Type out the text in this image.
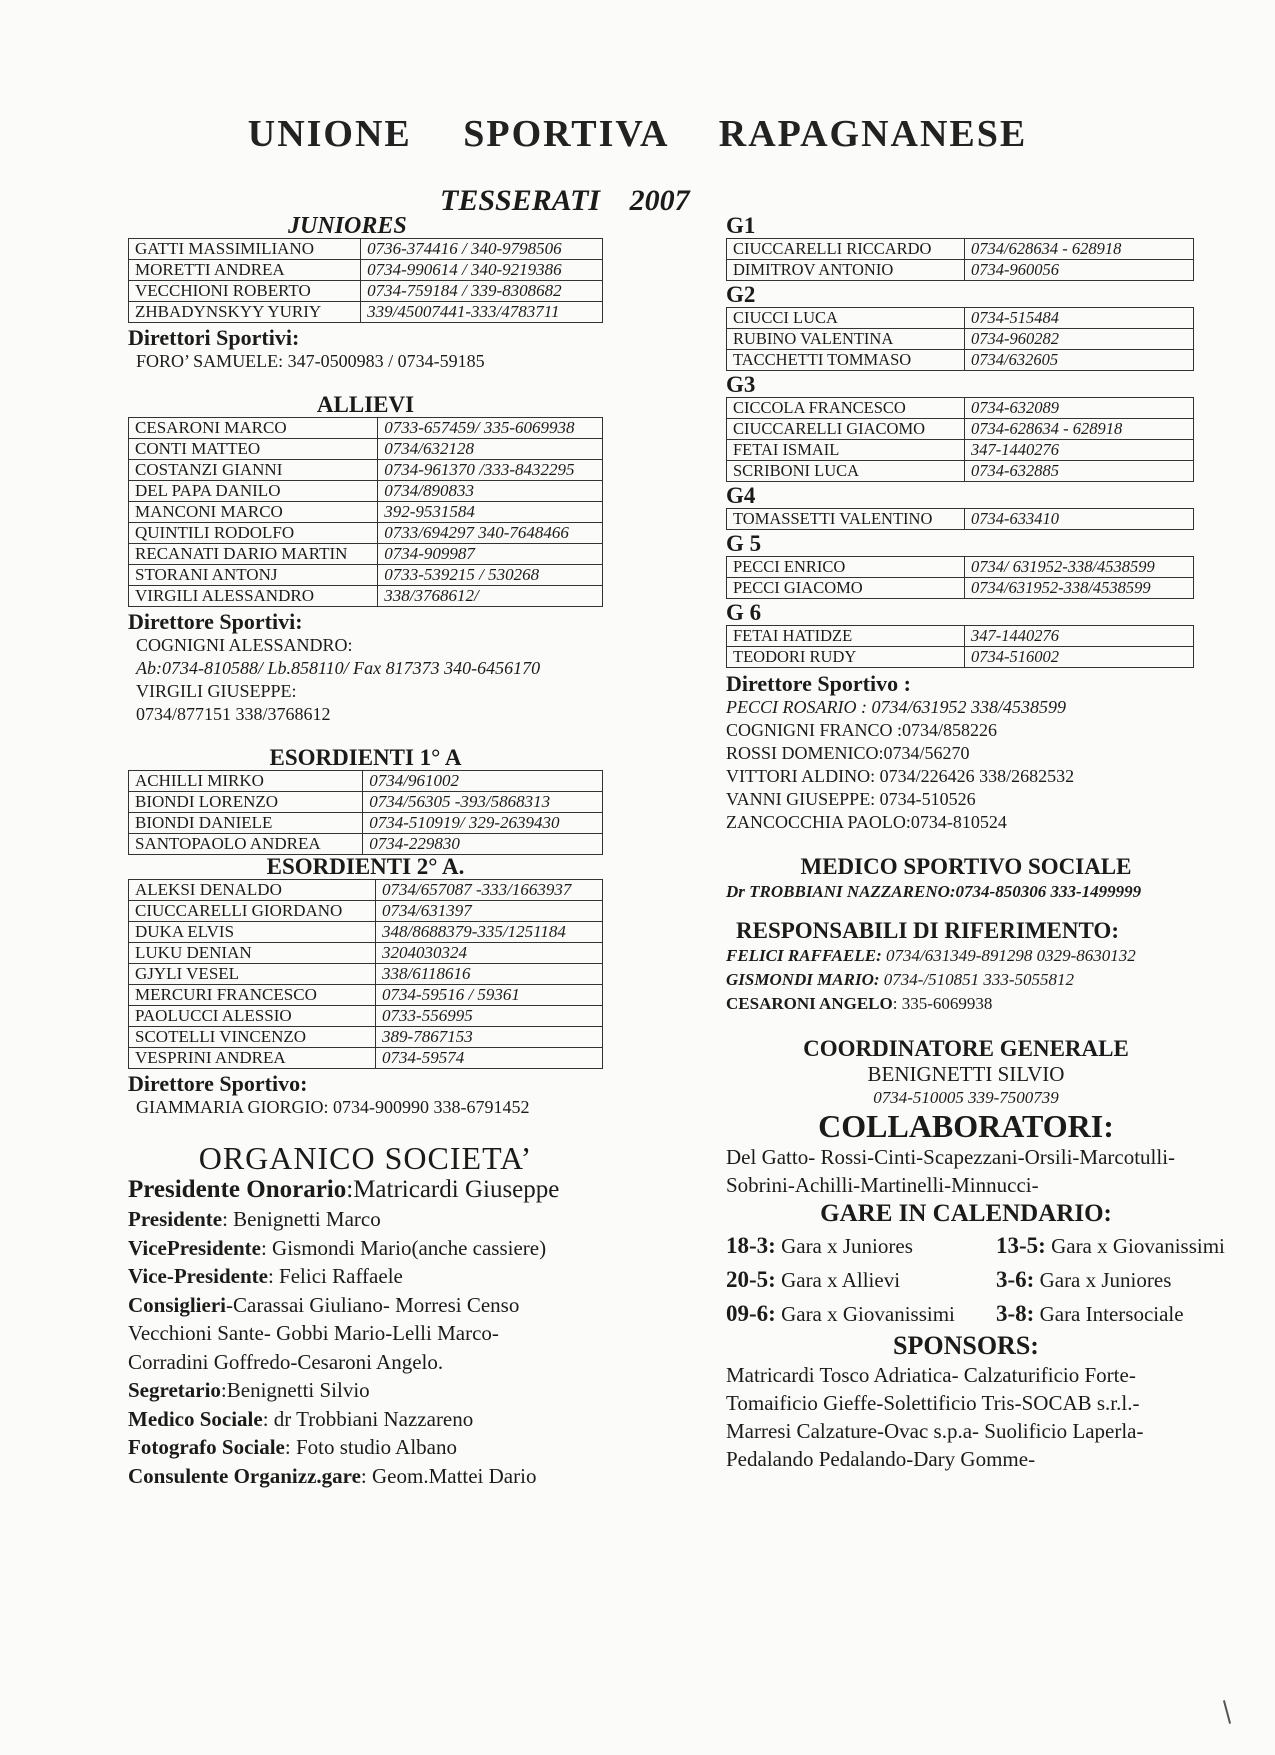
UNIONE SPORTIVA RAPAGNANESE
TESSERATI 2007
JUNIORES
GATTI MASSIMILIANO	0736-374416 / 340-9798506
MORETTI ANDREA	0734-990614 / 340-9219386
VECCHIONI ROBERTO	0734-759184 / 339-8308682
ZHBADYNSKYY YURIY	339/45007441-333/4783711
Direttori Sportivi:
FORO’ SAMUELE: 347-0500983 / 0734-59185
ALLIEVI
CESARONI MARCO	0733-657459/ 335-6069938
CONTI MATTEO	0734/632128
COSTANZI GIANNI	0734-961370 /333-8432295
DEL PAPA DANILO	0734/890833
MANCONI MARCO	392-9531584
QUINTILI RODOLFO	0733/694297 340-7648466
RECANATI DARIO MARTIN	0734-909987
STORANI ANTONJ	0733-539215 / 530268
VIRGILI ALESSANDRO	338/3768612/
Direttore Sportivi:
COGNIGNI ALESSANDRO:
Ab:0734-810588/ Lb.858110/ Fax 817373 340-6456170
VIRGILI GIUSEPPE:
0734/877151 338/3768612
ESORDIENTI 1° A
ACHILLI MIRKO	0734/961002
BIONDI LORENZO	0734/56305 -393/5868313
BIONDI DANIELE	0734-510919/ 329-2639430
SANTOPAOLO ANDREA	0734-229830
ESORDIENTI 2° A.
ALEKSI DENALDO	0734/657087 -333/1663937
CIUCCARELLI GIORDANO	0734/631397
DUKA ELVIS	348/8688379-335/1251184
LUKU DENIAN	3204030324
GJYLI VESEL	338/6118616
MERCURI FRANCESCO	0734-59516 / 59361
PAOLUCCI ALESSIO	0733-556995
SCOTELLI VINCENZO	389-7867153
VESPRINI ANDREA	0734-59574
Direttore Sportivo:
GIAMMARIA GIORGIO: 0734-900990 338-6791452
ORGANICO SOCIETA’
Presidente Onorario:Matricardi Giuseppe
Presidente: Benignetti Marco
VicePresidente: Gismondi Mario(anche cassiere)
Vice-Presidente: Felici Raffaele
Consiglieri-Carassai Giuliano- Morresi Censo
Vecchioni Sante- Gobbi Mario-Lelli Marco-
Corradini Goffredo-Cesaroni Angelo.
Segretario:Benignetti Silvio
Medico Sociale: dr Trobbiani Nazzareno
Fotografo Sociale: Foto studio Albano
Consulente Organizz.gare: Geom.Mattei Dario
G1
CIUCCARELLI RICCARDO	0734/628634 - 628918
DIMITROV ANTONIO	0734-960056
G2
CIUCCI LUCA	0734-515484
RUBINO VALENTINA	0734-960282
TACCHETTI TOMMASO	0734/632605
G3
CICCOLA FRANCESCO	0734-632089
CIUCCARELLI GIACOMO	0734-628634 - 628918
FETAI ISMAIL	347-1440276
SCRIBONI LUCA	0734-632885
G4
TOMASSETTI VALENTINO	0734-633410
G 5
PECCI ENRICO	0734/ 631952-338/4538599
PECCI GIACOMO	0734/631952-338/4538599
G 6
FETAI HATIDZE	347-1440276
TEODORI RUDY	0734-516002
Direttore Sportivo :
PECCI ROSARIO : 0734/631952 338/4538599
COGNIGNI FRANCO :0734/858226
ROSSI DOMENICO:0734/56270
VITTORI ALDINO: 0734/226426 338/2682532
VANNI GIUSEPPE: 0734-510526
ZANCOCCHIA PAOLO:0734-810524
MEDICO SPORTIVO SOCIALE
Dr TROBBIANI NAZZARENO:0734-850306 333-1499999
RESPONSABILI DI RIFERIMENTO:
FELICI RAFFAELE: 0734/631349-891298 0329-8630132
GISMONDI MARIO: 0734-/510851 333-5055812
CESARONI ANGELO: 335-6069938
COORDINATORE GENERALE
BENIGNETTI SILVIO
0734-510005 339-7500739
COLLABORATORI:
Del Gatto- Rossi-Cinti-Scapezzani-Orsili-Marcotulli-
Sobrini-Achilli-Martinelli-Minnucci-
GARE IN CALENDARIO:
18-3: Gara x Juniores	13-5: Gara x Giovanissimi
20-5: Gara x Allievi	3-6: Gara x Juniores
09-6: Gara x Giovanissimi	3-8: Gara Intersociale
SPONSORS:
Matricardi Tosco Adriatica- Calzaturificio Forte-
Tomaificio Gieffe-Solettificio Tris-SOCAB s.r.l.-
Marresi Calzature-Ovac s.p.a- Suolificio Laperla-
Pedalando Pedalando-Dary Gomme-
